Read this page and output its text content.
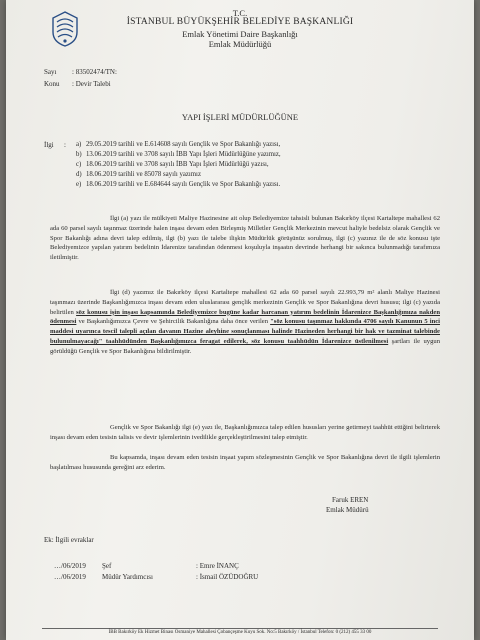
T.C.
İSTANBUL BÜYÜKŞEHİR BELEDİYE BAŞKANLIĞI
Emlak Yönetimi Daire Başkanlığı
Emlak Müdürlüğü
Sayı : 83502474/TN:
Konu : Devir Talebi
YAPI İŞLERİ MÜDÜRLÜĞÜNE
İlgi : a) 29.05.2019 tarihli ve E.614608 sayılı Gençlik ve Spor Bakanlığı yazısı,
b) 13.06.2019 tarihli ve 3708 sayılı İBB Yapı İşleri Müdürlüğüne yazımız,
c) 18.06.2019 tarihli ve 3708 sayılı İBB Yapı İşleri Müdürlüğü yazısı,
d) 18.06.2019 tarihli ve 85078 sayılı yazımız
e) 18.06.2019 tarihli ve E.684644 sayılı Gençlik ve Spor Bakanlığı yazısı.
İlgi (a) yazı ile mülkiyeti Maliye Hazinesine ait olup Belediyemize tahsisli bulunan Bakırköy ilçesi Kartaltepe mahallesi 62 ada 60 parsel sayılı taşınmaz üzerinde halen inşası devam eden Birleşmiş Milletler Gençlik Merkezinin mevcut haliyle bedelsiz olarak Gençlik ve Spor Bakanlığı adına devri talep edilmiş, ilgi (b) yazı ile talebe ilişkin Müdürlük görüşünüz sorulmuş, ilgi (c) yazınız ile de söz konusu işte Belediyemizce yapılan yatırım bedelinin İdarenize tarafından ödenmesi koşuluyla inşaatın devrinde herhangi bir sakınca bulunmadığı tarafımıza iletilmiştir.
İlgi (d) yazımız ile Bakırköy ilçesi Kartaltepe mahallesi 62 ada 60 parsel sayılı 22.993,79 m² alanlı Maliye Hazinesi taşınmazı üzerinde Başkanlığımızca inşası devam eden uluslararası gençlik merkezinin Gençlik ve Spor Bakanlığına devri hususu; ilgi (c) yazıda belirtilen söz konusu işin inşası kapsamında Belediyemizce bugüne kadar harcanan yatırım bedelinin İdarenizce Başkanlığımıza nakden ödenmesi ve Başkanlığımızca Çevre ve Şehircilik Bakanlığına daha önce verilen "söz konusu taşınmaz hakkında 4706 sayılı Kanunun 5 inci maddesi uyarınca tescil talepli açılan davanın Hazine aleyhine sonuçlanması halinde Hazineden herhangi bir hak ve tazminat talebinde bulunulmayacağı" taahhüdünden Başkanlığımızca feragat edilerek, söz konusu taahhüdün İdarenizce üstlenilmesi şartları ile uygun görüldüğü Gençlik ve Spor Bakanlığına bildirilmiştir.
Gençlik ve Spor Bakanlığı ilgi (e) yazı ile, Başkanlığımızca talep edilen hususları yerine getirmeyi taahhüt ettiğini belirterek inşası devam eden tesisin talisis ve devir işlemlerinin ivedilikle gerçekleştirilmesini talep etmiştir.
Bu kapsamda, inşası devam eden tesisin inşaat yapım sözleşmesinin Gençlik ve Spor Bakanlığına devri ile ilgili işlemlerin başlatılması hususunda gereğini arz ederim.
Faruk EREN
Emlak Müdürü
Ek: İlgili evraklar
…/06/2019 Şef	: Emre İNANÇ
…/06/2019 Müdür Yardımcısı	: İsmail ÖZÜDOĞRU
İBB Bakırköy Ek Hizmet Binası Osmaniye Mahallesi Çobançeşme Kuyu Sok. No:5 Bakırköy / İstanbul Telefon: 0 (212) 455 33 00
